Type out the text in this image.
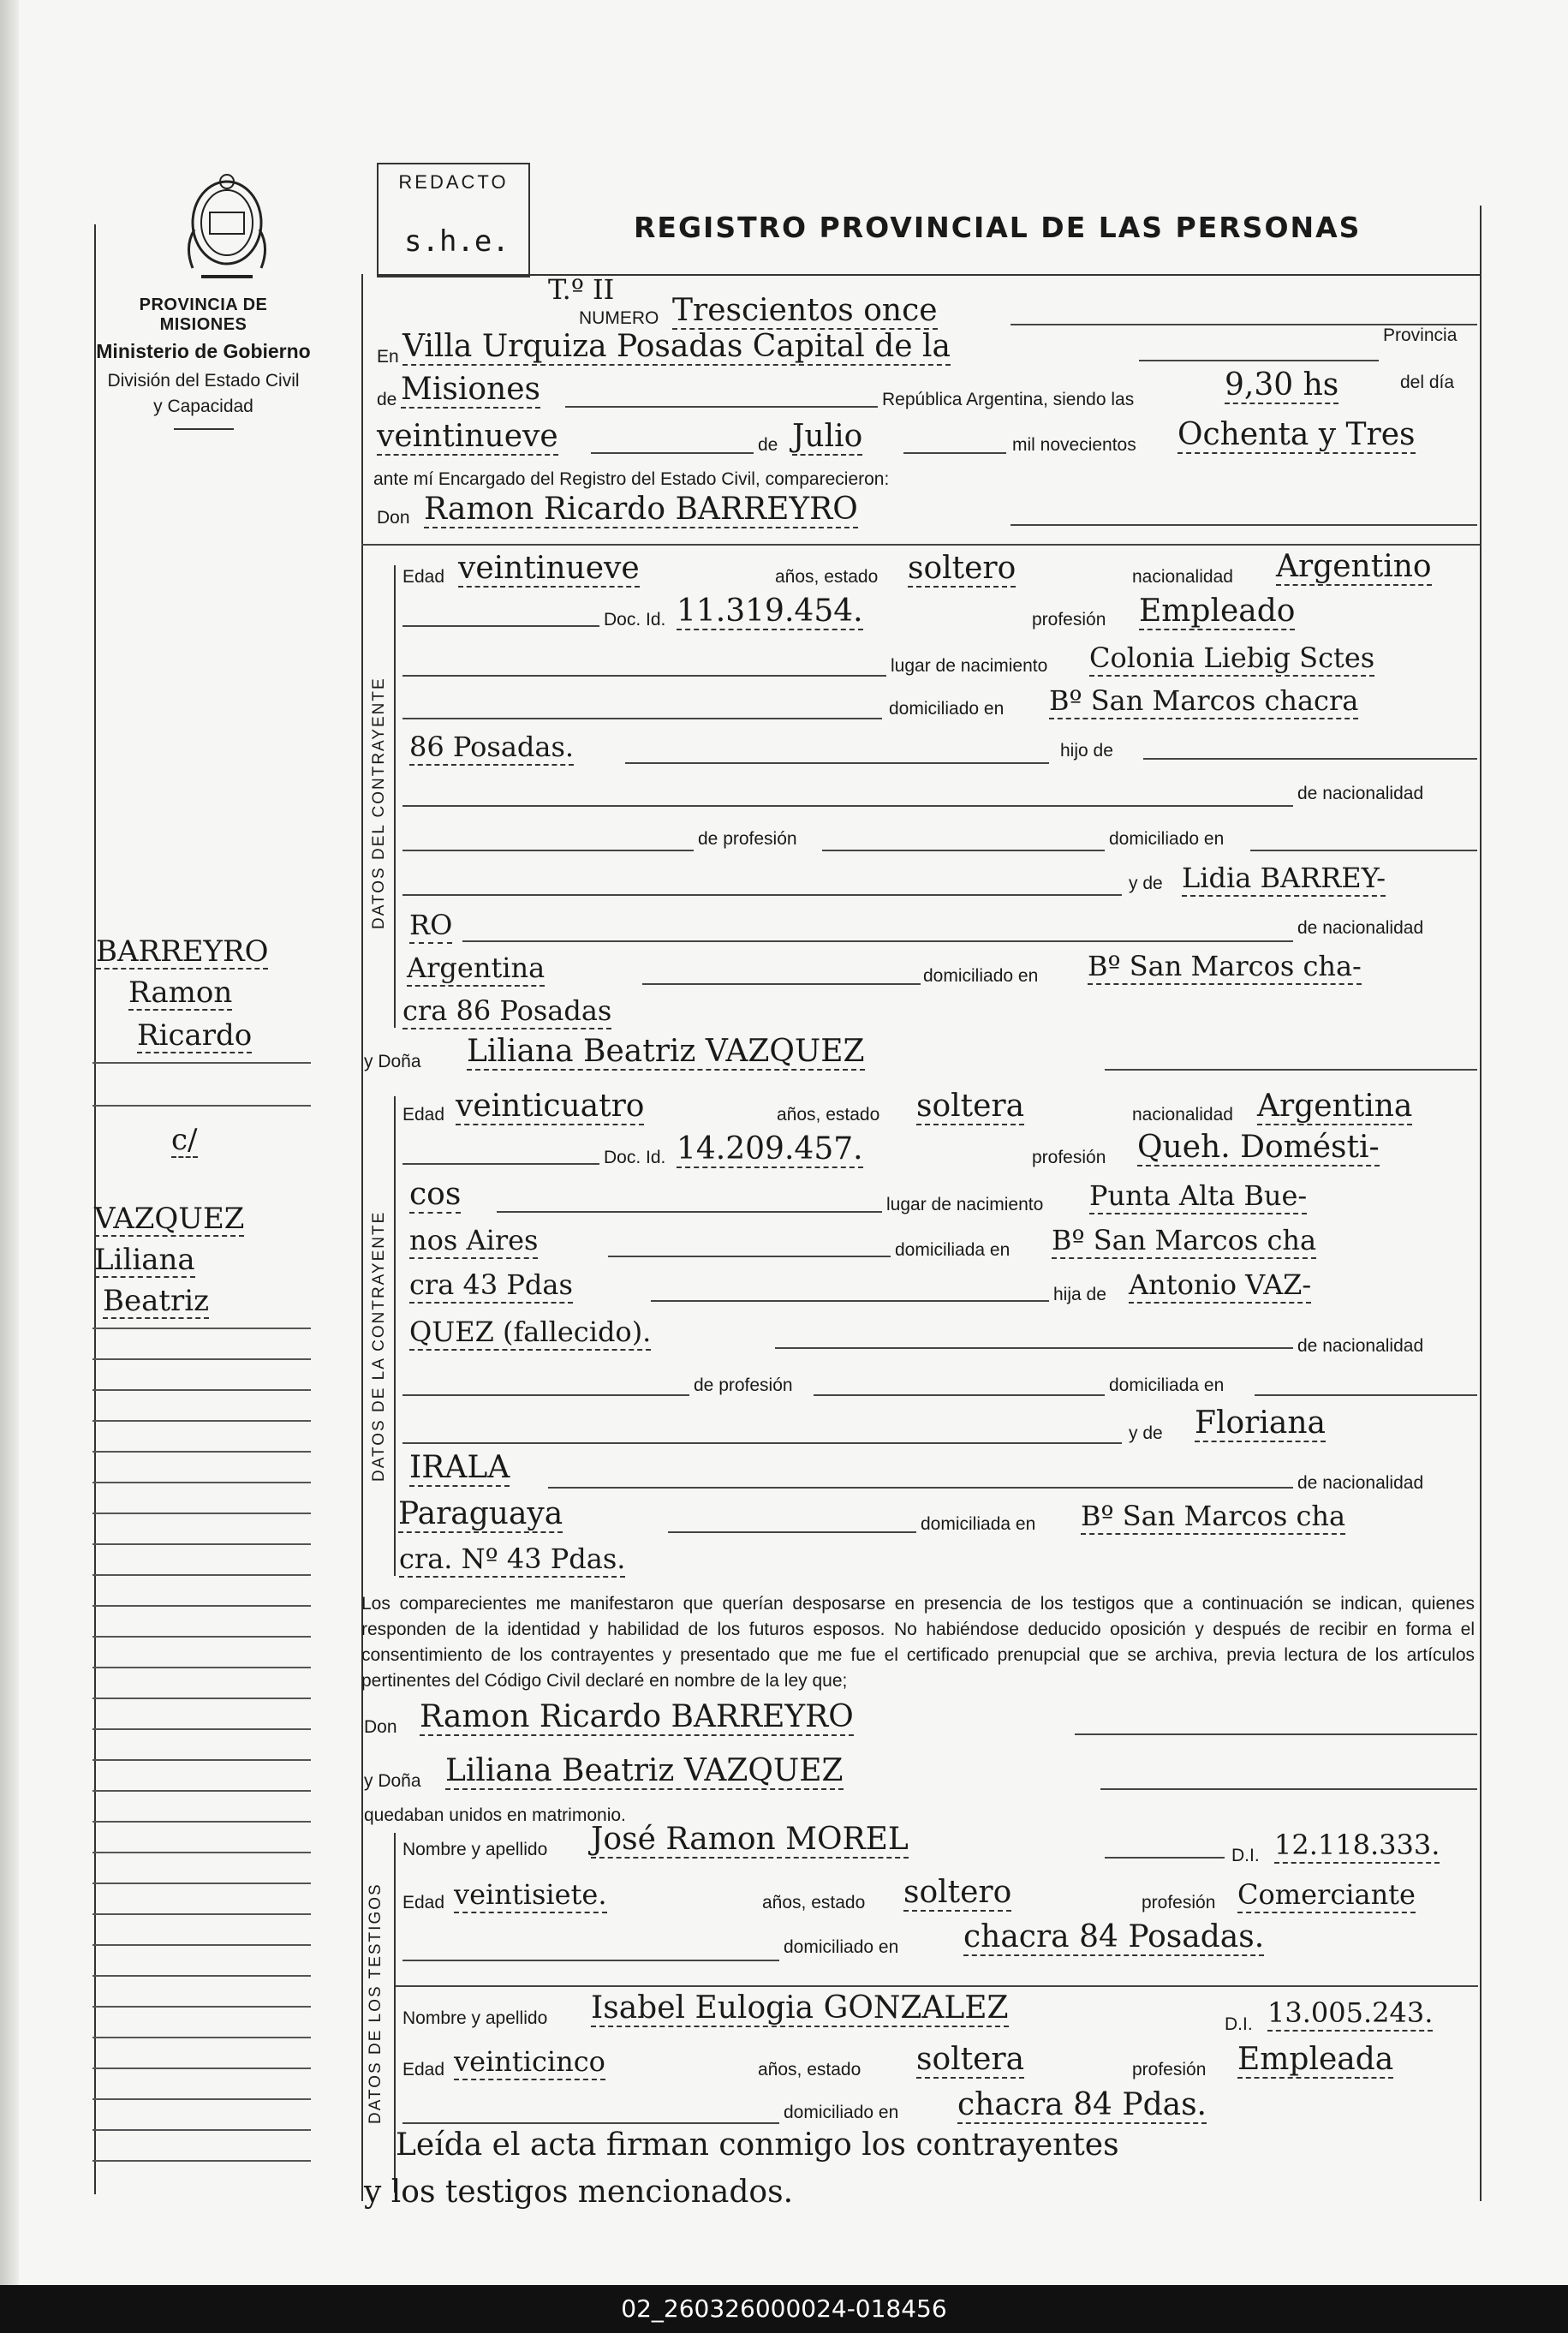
PROVINCIA DE MISIONES
Ministerio de Gobierno
División del Estado Civil
y Capacidad
REDACTO
s.h.e.	REGISTRO PROVINCIAL DE LAS PERSONAS
T.º II
NUMERO Trescientos once
En Villa Urquiza Posadas Capital de la	Provincia
de Misiones	República Argentina, siendo las	9,30 hs	del día
veintinueve	de Julio	mil novecientos Ochenta y Tres
ante mí Encargado del Registro del Estado Civil, comparecieron:
Don Ramon Ricardo BARREYRO
DATOS DEL CONTRAYENTE
Edad veintinueve	años, estado soltero	nacionalidad Argentino
Doc. Id. 11.319.454.	profesión Empleado
lugar de nacimiento Colonia Liebig Sctes
domiciliado en Bº San Marcos chacra
86 Posadas.	hijo de
de nacionalidad
de profesión	domiciliado en
y de Lidia BARREY-
RO	de nacionalidad
Argentina	domiciliado en Bº San Marcos cha-
cra 86 Posadas
y Doña Liliana Beatriz VAZQUEZ
DATOS DE LA CONTRAYENTE
Edad veinticuatro	años, estado soltera	nacionalidad Argentina
Doc. Id. 14.209.457.	profesión Queh. Domésti-
cos	lugar de nacimiento Punta Alta Bue-
nos Aires	domiciliada en Bº San Marcos cha
cra 43 Pdas	hija de Antonio VAZ-
QUEZ (fallecido).	de nacionalidad
de profesión	domiciliada en
y de Floriana
IRALA	de nacionalidad
Paraguaya	domiciliada en Bº San Marcos cha
cra. Nº 43 Pdas.
Los comparecientes me manifestaron que querían desposarse en presencia de los testigos que a continuación se indican, quienes responden de la identidad y habilidad de los futuros esposos. No habiéndose deducido oposición y después de recibir en forma el consentimiento de los contrayentes y presentado que me fue el certificado prenupcial que se archiva, previa lectura de los artículos pertinentes del Código Civil declaré en nombre de la ley que;
Don Ramon Ricardo BARREYRO
y Doña Liliana Beatriz VAZQUEZ
quedaban unidos en matrimonio.
DATOS DE LOS TESTIGOS
Nombre y apellido José Ramon MOREL	D.I. 12.118.333.
Edad veintisiete.	años, estado soltero	profesión Comerciante
domiciliado en chacra 84 Posadas.
Nombre y apellido Isabel Eulogia GONZALEZ	D.I. 13.005.243.
Edad veinticinco	años, estado soltera	profesión Empleada
domiciliado en chacra 84 Pdas.
Leída el acta firman conmigo los contrayentes
y los testigos mencionados.
BARREYRO
Ramon
Ricardo
c/
VAZQUEZ
Liliana
Beatriz
02_260326000024-018456
